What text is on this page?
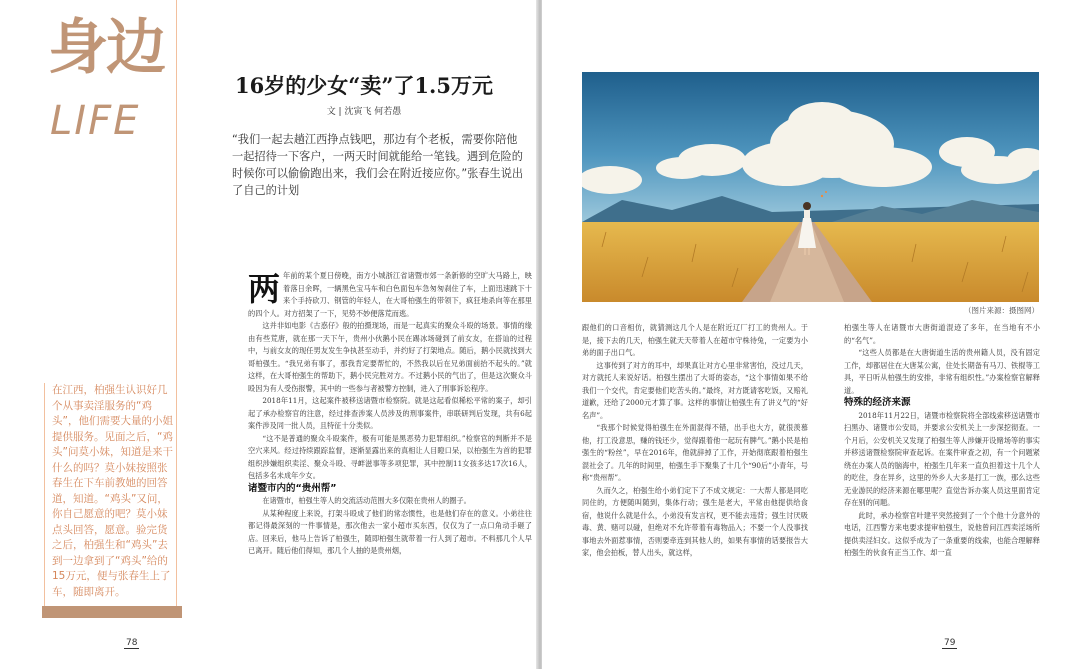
身边
LIFE
16岁的少女“卖”了1.5万元
文 | 沈寅飞 何若愚
“我们一起去趟江西挣点钱吧，那边有个老板，需要你陪他一起招待一下客户，一两天时间就能给一笔钱。遇到危险的时候你可以偷偷跑出来，我们会在附近接应你。”张春生说出了自己的计划
两 年前的某个夏日傍晚，南方小城浙江省诸暨市郊一条新修的空旷大马路上，映着落日余晖，一辆黑色宝马车和白色面包车急匆匆刹住了车，上面迅速跳下十来个手持砍刀、钢管的年轻人，在大哥柏强生的带领下，疯狂地杀向等在那里的四个人。对方招架了一下，见势不妙便落荒而逃。

这并非如电影《古惑仔》般的拍摄现场，而是一起真实的聚众斗殴的场景。事情的缘由有些荒唐，就在那一天下午，贵州小伙鹅小民在踢冰场碰到了前女友，在搭讪的过程中，与前女友的现任男友发生争执甚至动手，并约好了打架地点。随后，鹅小民就找到大哥柏强生。“我兄弟有事了，那我肯定要帮忙的，不然我以后在兄弟面前抬不起头的。”就这样，在大哥柏强生的帮助下，鹅小民完胜对方。不过鹅小民的气出了，但是这次聚众斗殴因为有人受伤报警，其中的一些参与者被警方控制，进入了刑事诉讼程序。

2018年11月，这起案件被移送诸暨市检察院。就是这起看似稀松平常的案子，却引起了承办检察官的注意，经过排查涉案人员涉及的刑事案件，串联研判后发现，共有6起案件涉及同一批人员，且特征十分类似。

“这不是普通的聚众斗殴案件，极有可能是黑恶势力犯罪组织。”检察官的判断并不是空穴来风。经过持续跟踪监督，逐渐显露出来的真相让人目瞪口呆，以柏强生为首的犯罪组织涉嫌组织卖淫、聚众斗殴、寻衅滋事等多项犯罪，其中控制11女孩多达17次16人，包括多名未成年少女。

诸暨市内的“贵州帮”

在诸暨市，柏强生等人的交流活动范围大多仅限在贵州人的圈子。

从某种程度上来说，打架斗殴成了他们的常态惯性，也是他们存在的意义。小弟往往都记得最深刻的一件事情是，那次他去一家小超市买东西，仅仅为了一点口角动手砸了店。回来后，他马上告诉了柏强生，随即柏强生就带着一行人到了超市。不料那几个人早已离开。随后他们得知，那几个人抽的是贵州烟，

在江西，柏强生认识好几个从事卖淫服务的“鸡头”，他们需要大量的小姐提供服务。见面之后，“鸡头”问莫小妹，知道是来干什么的吗？莫小妹按照张春生在下车前教她的回答道，知道。“鸡头”又问，你自己愿意的吧？莫小妹点头回答，愿意。验完货之后，柏强生和“鸡头”去到一边拿到了“鸡头”给的15万元，便与张春生上了车，随即离开。
78
（图片来源：摄图网）

跟他们的口音相仿，就猜测这几个人是在附近辽厂打工的贵州人。于是，接下去的几天，柏强生就天天带着人在超市守株待兔，一定要为小弟的面子出口气。

这事传到了对方的耳中，却果真让对方心里非常害怕，没过几天，对方就托人来说好话。柏强生摆出了大哥的姿态，“这个事情如果不给我们一个交代，肯定要他们吃苦头的。”最终，对方既请客吃饭，又赔礼道歉，还给了2000元才算了事。这样的事情让柏强生有了讲义气的“好名声”。

“我那个时候觉得柏强生在外面混得不错，出手也大方，就很羡慕他，打工没意思，赚的钱还少，觉得跟着他一起玩有脾气。”鹅小民是柏强生的“粉丝”，早在2016年，他就辞掉了工作，开始彻底跟着柏强生混社会了。几年的时间里，柏强生手下聚集了十几个“90后”小青年，号称“贵州帮”。

久而久之，柏强生给小弟们定下了不成文规定：一大帮人都是同吃同住的，方便随叫随到，集体行动；强生是老大，平常由他提供给食宿，他说什么就是什么，小弟没有发言权，更不能去违背；强生讨厌吸毒、黄、赌可以碰，但绝对不允许带着有毒物品入；不要一个人没事找事地去外面惹事情，否则要牵连到其他人的，如果有事情的话要报告大家，他会拍板，替人出头，就这样，

柏强生等人在诸暨市大唐街道混迹了多年，在当地有不小的“名气”。

“这些人员都是在大唐街道生活的贵州籍人员，没有固定工作，却都居住在大唐某公寓，住处长期备有马刀、铁棍等工具，平日听从柏强生的安排，非常有组织性。”办案检察官解释道。

特殊的经济来源

2018年11月22日，诸暨市检察院将全部线索移送诸暨市扫黑办、诸暨市公安局，并要求公安机关上一步深挖彻查。一个月后，公安机关又发现了柏强生等人涉嫌开设赌场等的事实并移送诸暨检察院审查起诉。在案件审查之初，有一个问题紧绕在办案人员的脑海中，柏强生几年来一直负担着这十几个人的吃住，身在异乡，这里的外乡人大多是打工一族，那么这些无业游民的经济来源在哪里呢？直觉告诉办案人员这里面肯定存在别的问题。

此时，承办检察官叶建平突然接到了一个个他十分意外的电话，江西警方来电要求提审柏强生，说他曾问江西卖淫场所提供卖淫妇女。这似乎成为了一条重要的线索，也能合理解释柏强生的伙食有正当工作、却一直

79
